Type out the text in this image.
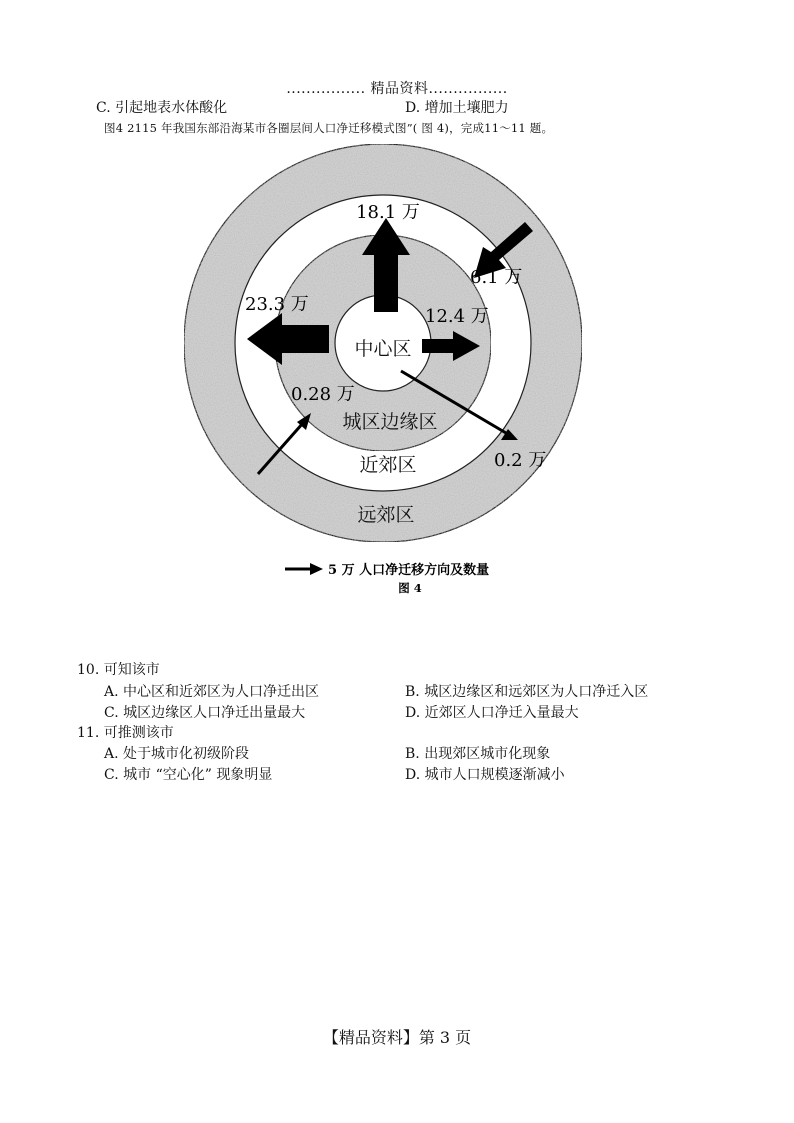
................ 精品资料................
C. 引起地表水体酸化	D. 增加土壤肥力
图4 2115 年我国东部沿海某市各圈层间人口净迁移模式图”( 图 4)，完成11～11 题。
中心区
城区边缘区
近郊区
远郊区
18.1 万
6.1 万
23.3 万
12.4 万
0.28 万
0.2 万
5 万 人口净迁移方向及数量
图 4
10. 可知该市
A. 中心区和近郊区为人口净迁出区	B. 城区边缘区和远郊区为人口净迁入区
C. 城区边缘区人口净迁出量最大	D. 近郊区人口净迁入量最大
11. 可推测该市
A. 处于城市化初级阶段	B. 出现郊区城市化现象
C. 城市 “空心化” 现象明显	D. 城市人口规模逐渐减小
【精品资料】第 3 页
